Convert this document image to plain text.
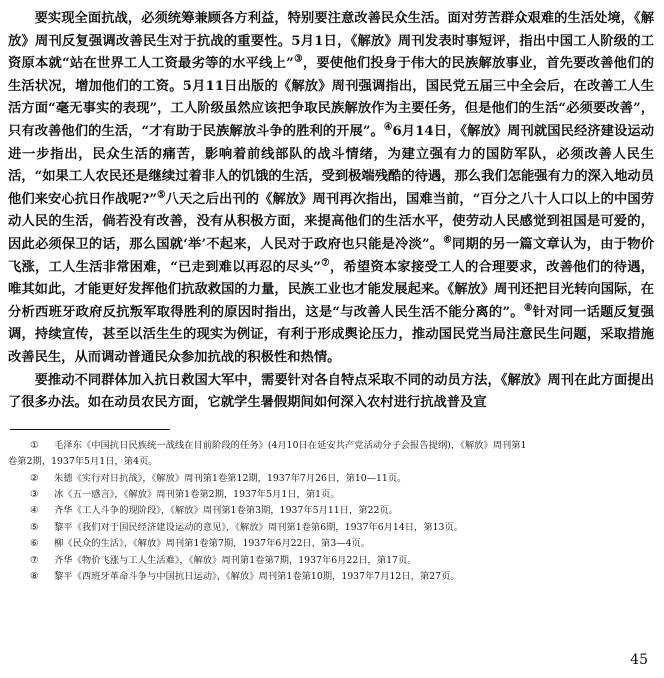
要实现全面抗战，必须统筹兼顾各方利益，特别要注意改善民众生活。面对劳苦群众艰难的生活处境，《解放》周刊反复强调改善民生对于抗战的重要性。5月1日，《解放》周刊发表时事短评，指出中国工人阶级的工资原本就“站在世界工人工资最劣等的水平线上”③，要使他们投身于伟大的民族解放事业，首先要改善他们的生活状况，增加他们的工资。5月11日出版的《解放》周刊强调指出，国民党五届三中全会后，在改善工人生活方面“毫无事实的表现”，工人阶级虽然应该把争取民族解放作为主要任务，但是他们的生活“必须要改善”，只有改善他们的生活，“才有助于民族解放斗争的胜利的开展”。④6月14日，《解放》周刊就国民经济建设运动进一步指出，民众生活的痛苦，影响着前线部队的战斗情绪，为建立强有力的国防军队，必须改善人民生活，“如果工人农民还是继续过着非人的饥饿的生活，受到极端残酷的待遇，那么我们怎能强有力的深入地动员他们来安心抗日作战呢?”⑤八天之后出刊的《解放》周刊再次指出，国难当前，“百分之八十人口以上的中国劳动人民的生活，倘若没有改善，没有从积极方面，来提高他们的生活水平，使劳动人民感觉到祖国是可爱的，因此必须保卫的话，那么国就‘举’不起来，人民对于政府也只能是冷淡”。⑥同期的另一篇文章认为，由于物价飞涨，工人生活非常困难，“已走到难以再忍的尽头”⑦，希望资本家接受工人的合理要求，改善他们的待遇，唯其如此，才能更好发挥他们抗敌救国的力量，民族工业也才能发展起来。《解放》周刊还把目光转向国际，在分析西班牙政府反抗叛军取得胜利的原因时指出，这是“与改善人民生活不能分离的”。⑧针对同一话题反复强调，持续宣传，甚至以活生生的现实为例证，有利于形成舆论压力，推动国民党当局注意民生问题，采取措施改善民生，从而调动普通民众参加抗战的积极性和热情。

要推动不同群体加入抗日救国大军中，需要针对各自特点采取不同的动员方法，《解放》周刊在此方面提出了很多办法。如在动员农民方面，它就学生暑假期间如何深入农村进行抗战普及宣

① 毛泽东《中国抗日民族统一战线在目前阶段的任务》(4月10日在延安共产党活动分子会报告提纲)，《解放》周刊第1
卷第2期，1937年5月1日，第4页。
② 朱德《实行对日抗战》，《解放》周刊第1卷第12期，1937年7月26日，第10—11页。
③ 冰《五一感言》，《解放》周刊第1卷第2期，1937年5月1日，第1页。
④ 齐华《工人斗争的现阶段》，《解放》周刊第1卷第3期，1937年5月11日，第22页。
⑤ 黎平《我们对于国民经济建设运动的意见》，《解放》周刊第1卷第6期，1937年6月14日，第13页。
⑥ 柳《民众的生活》，《解放》周刊第1卷第7期，1937年6月22日，第3—4页。
⑦ 齐华《物价飞涨与工人生活难》，《解放》周刊第1卷第7期，1937年6月22日，第17页。
⑧ 黎平《西班牙革命斗争与中国抗日运动》，《解放》周刊第1卷第10期，1937年7月12日，第27页。
45
